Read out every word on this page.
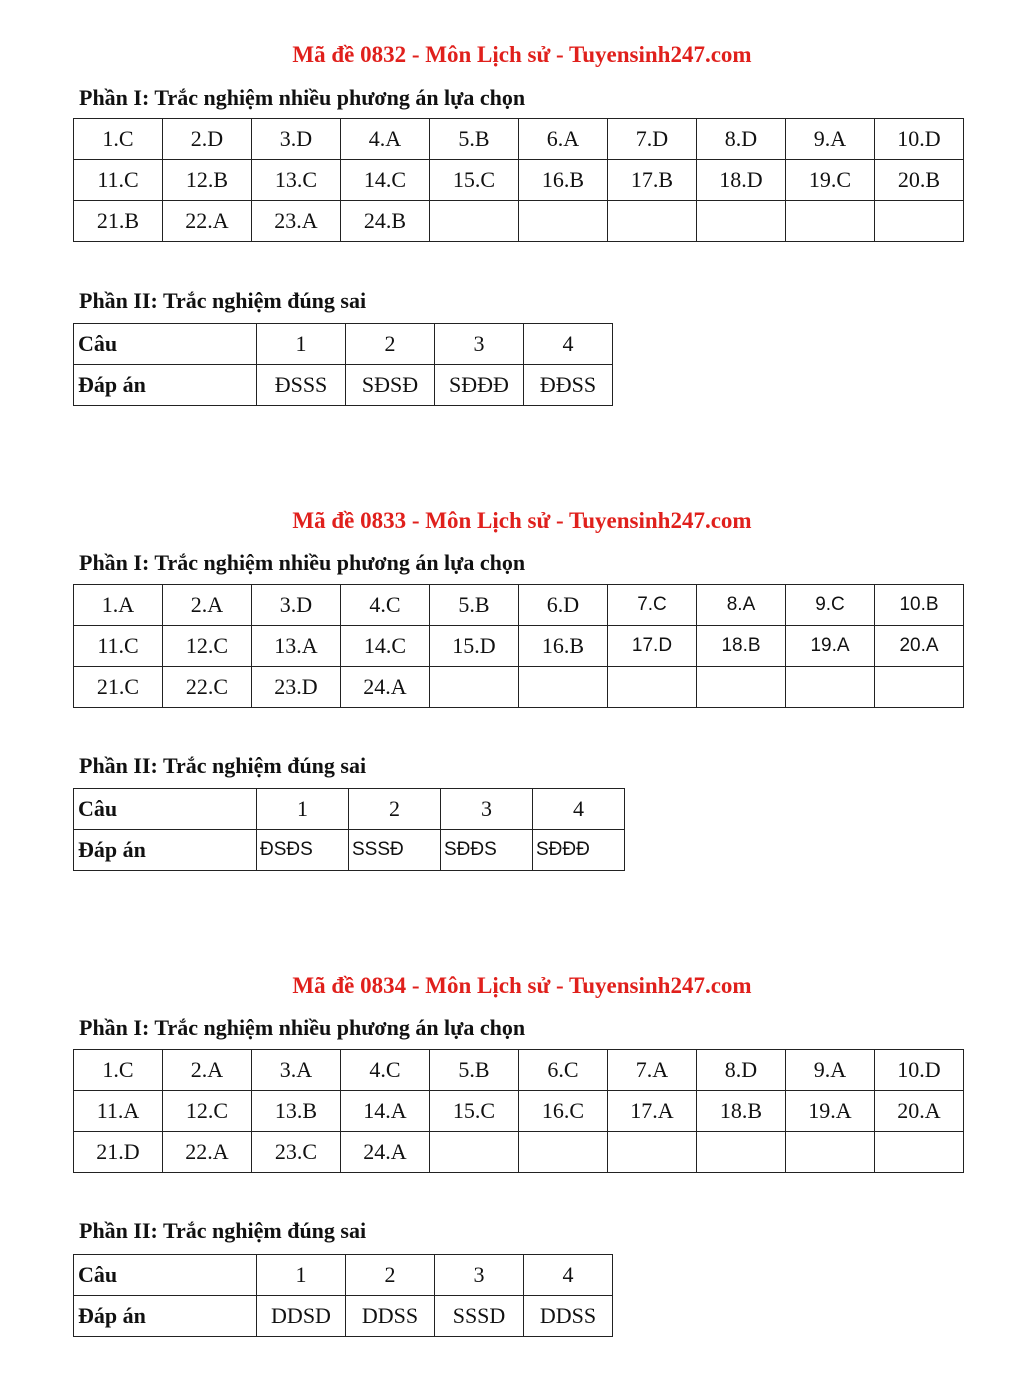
Mã đề 0832 - Môn Lịch sử - Tuyensinh247.com
Phần I: Trắc nghiệm nhiều phương án lựa chọn
1.C	2.D	3.D	4.A	5.B	6.A	7.D	8.D	9.A	10.D
11.C	12.B	13.C	14.C	15.C	16.B	17.B	18.D	19.C	20.B
21.B	22.A	23.A	24.B						
Phần II: Trắc nghiệm đúng sai
Câu	1	2	3	4
Đáp án	ĐSSS	SĐSĐ	SĐĐĐ	ĐĐSS
Mã đề 0833 - Môn Lịch sử - Tuyensinh247.com
Phần I: Trắc nghiệm nhiều phương án lựa chọn
1.A	2.A	3.D	4.C	5.B	6.D	7.C	8.A	9.C	10.B
11.C	12.C	13.A	14.C	15.D	16.B	17.D	18.B	19.A	20.A
21.C	22.C	23.D	24.A						
Phần II: Trắc nghiệm đúng sai
Câu	1	2	3	4
Đáp án	ĐSĐS	SSSĐ	SĐĐS	SĐĐĐ
Mã đề 0834 - Môn Lịch sử - Tuyensinh247.com
Phần I: Trắc nghiệm nhiều phương án lựa chọn
1.C	2.A	3.A	4.C	5.B	6.C	7.A	8.D	9.A	10.D
11.A	12.C	13.B	14.A	15.C	16.C	17.A	18.B	19.A	20.A
21.D	22.A	23.C	24.A						
Phần II: Trắc nghiệm đúng sai
Câu	1	2	3	4
Đáp án	DDSD	DDSS	SSSD	DDSS
